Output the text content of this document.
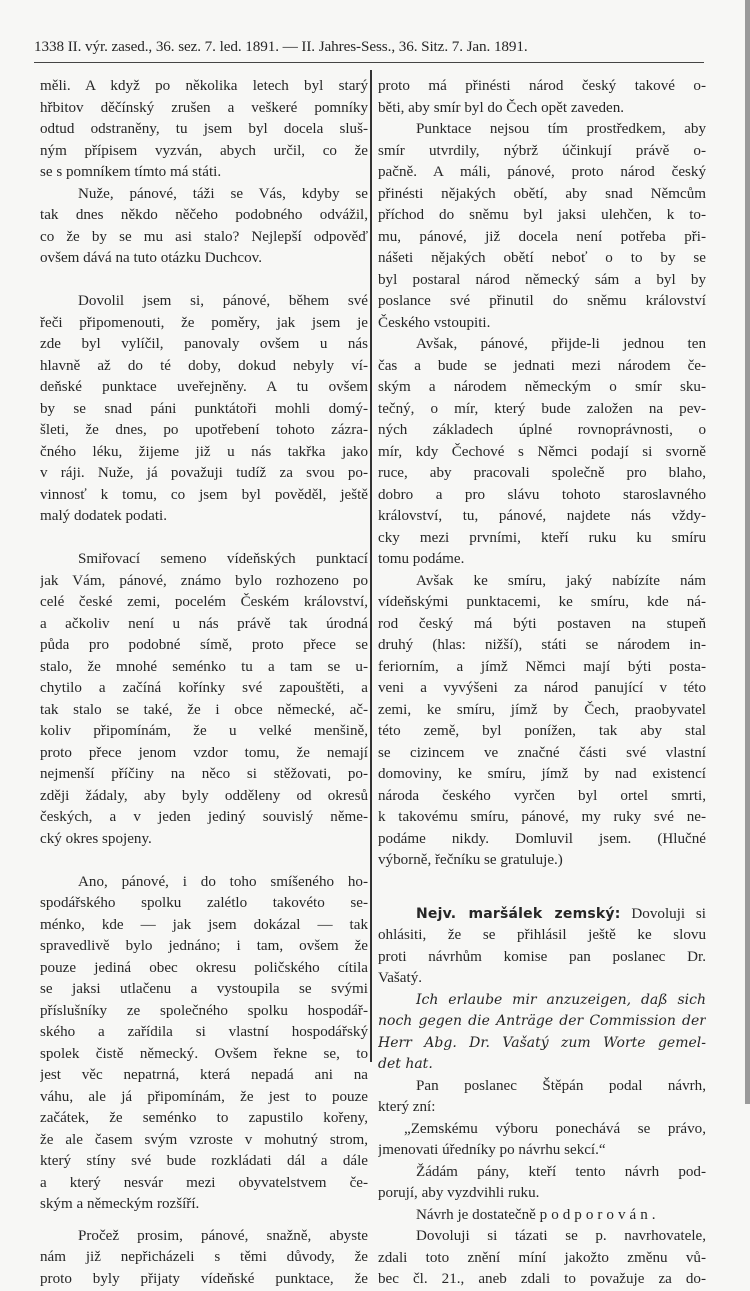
1338 II. výr. zased., 36. sez. 7. led. 1891. — II. Jahres-Sess., 36. Sitz. 7. Jan. 1891.
měli. A když po několika letech byl starý
hřbitov děčínský zrušen a veškeré pomníky
odtud odstraněny, tu jsem byl docela sluš-
ným přípisem vyzván, abych určil, co že
se s pomníkem tímto má státi.
Nuže, pánové, táži se Vás, kdyby se
tak dnes někdo něčeho podobného odvážil,
co že by se mu asi stalo? Nejlepší odpověď
ovšem dává na tuto otázku Duchcov.
Dovolil jsem si, pánové, během své
řeči připomenouti, že poměry, jak jsem je
zde byl vylíčil, panovaly ovšem u nás
hlavně až do té doby, dokud nebyly ví-
deňské punktace uveřejněny. A tu ovšem
by se snad páni punktátoři mohli domý-
šleti, že dnes, po upotřebení tohoto zázra-
čného léku, žijeme již u nás takřka jako
v ráji. Nuže, já považuji tudíž za svou po-
vinnosť k tomu, co jsem byl pověděl, ještě
malý dodatek podati.
Smiřovací semeno vídeňských punktací
jak Vám, pánové, známo bylo rozhozeno po
celé české zemi, pocelém Českém království,
a ačkoliv není u nás právě tak úrodná
půda pro podobné símě, proto přece se
stalo, že mnohé seménko tu a tam se u-
chytilo a začíná kořínky své zapouštěti, a
tak stalo se také, že i obce německé, ač-
koliv připomínám, že u velké menšině,
proto přece jenom vzdor tomu, že nemají
nejmenší příčiny na něco si stěžovati, po-
zději žádaly, aby byly odděleny od okresů
českých, a v jeden jediný souvislý něme-
cký okres spojeny.
Ano, pánové, i do toho smíšeného ho-
spodářského spolku zalétlo takovéto se-
ménko, kde — jak jsem dokázal — tak
spravedlivě bylo jednáno; i tam, ovšem že
pouze jediná obec okresu poličského cítila
se jaksi utlačenu a vystoupila se svými
příslušníky ze společného spolku hospodář-
ského a zařídila si vlastní hospodářský
spolek čistě německý. Ovšem řekne se, to
jest věc nepatrná, která nepadá ani na
váhu, ale já připomínám, že jest to pouze
začátek, že seménko to zapustilo kořeny,
že ale časem svým vzroste v mohutný strom,
který stíny své bude rozkládati dál a dále
a který nesvár mezi obyvatelstvem če-
ským a německým rozšíří.
Pročež prosim, pánové, snažně, abyste
nám již nepřicházeli s těmi důvody, že
proto byly přijaty vídeňské punktace, že
proto má přinésti národ český takové o-
běti, aby smír byl do Čech opět zaveden.
Punktace nejsou tím prostředkem, aby
smír utvrdily, nýbrž účinkují právě o-
pačně. A máli, pánové, proto národ český
přinésti nějakých obětí, aby snad Němcům
příchod do sněmu byl jaksi ulehčen, k to-
mu, pánové, již docela není potřeba při-
nášeti nějakých obětí neboť o to by se
byl postaral národ německý sám a byl by
poslance své přinutil do sněmu království
Českého vstoupiti.
Avšak, pánové, přijde-li jednou ten
čas a bude se jednati mezi národem če-
ským a národem německým o smír sku-
tečný, o mír, který bude založen na pev-
ných základech úplné rovnoprávnosti, o
mír, kdy Čechové s Němci podají si svorně
ruce, aby pracovali společně pro blaho,
dobro a pro slávu tohoto staroslavného
království, tu, pánové, najdete nás vždy-
cky mezi prvními, kteří ruku ku smíru
tomu podáme.
Avšak ke smíru, jaký nabízíte nám
vídeňskými punktacemi, ke smíru, kde ná-
rod český má býti postaven na stupeň
druhý (hlas: nižší), státi se národem in-
feriorním, a jímž Němci mají býti posta-
veni a vyvýšeni za národ panující v této
zemi, ke smíru, jímž by Čech, praobyvatel
této země, byl ponížen, tak aby stal
se cizincem ve značné části své vlastní
domoviny, ke smíru, jímž by nad existencí
národa českého vyrčen byl ortel smrti,
k takovému smíru, pánové, my ruky své ne-
podáme nikdy. Domluvil jsem. (Hlučné
výborně, řečníku se gratuluje.)
Nejv. maršálek zemský: Dovoluji si
ohlásiti, že se přihlásil ještě ke slovu
proti návrhům komise pan poslanec Dr.
Vašatý.
Ich erlaube mir anzuzeigen, daß sich
noch gegen die Anträge der Commission der
Herr Abg. Dr. Vašatý zum Worte gemel-
det hat.
Pan poslanec Štěpán podal návrh,
který zní:
„Zemskému výboru ponechává se právo,
jmenovati úředníky po návrhu sekcí.“
Žádám pány, kteří tento návrh pod-
porují, aby vyzdvihli ruku.
Návrh je dostatečně podporován.
Dovoluji si tázati se p. navrhovatele,
zdali toto znění míní jakožto změnu vů-
bec čl. 21., aneb zdali to považuje za do-
